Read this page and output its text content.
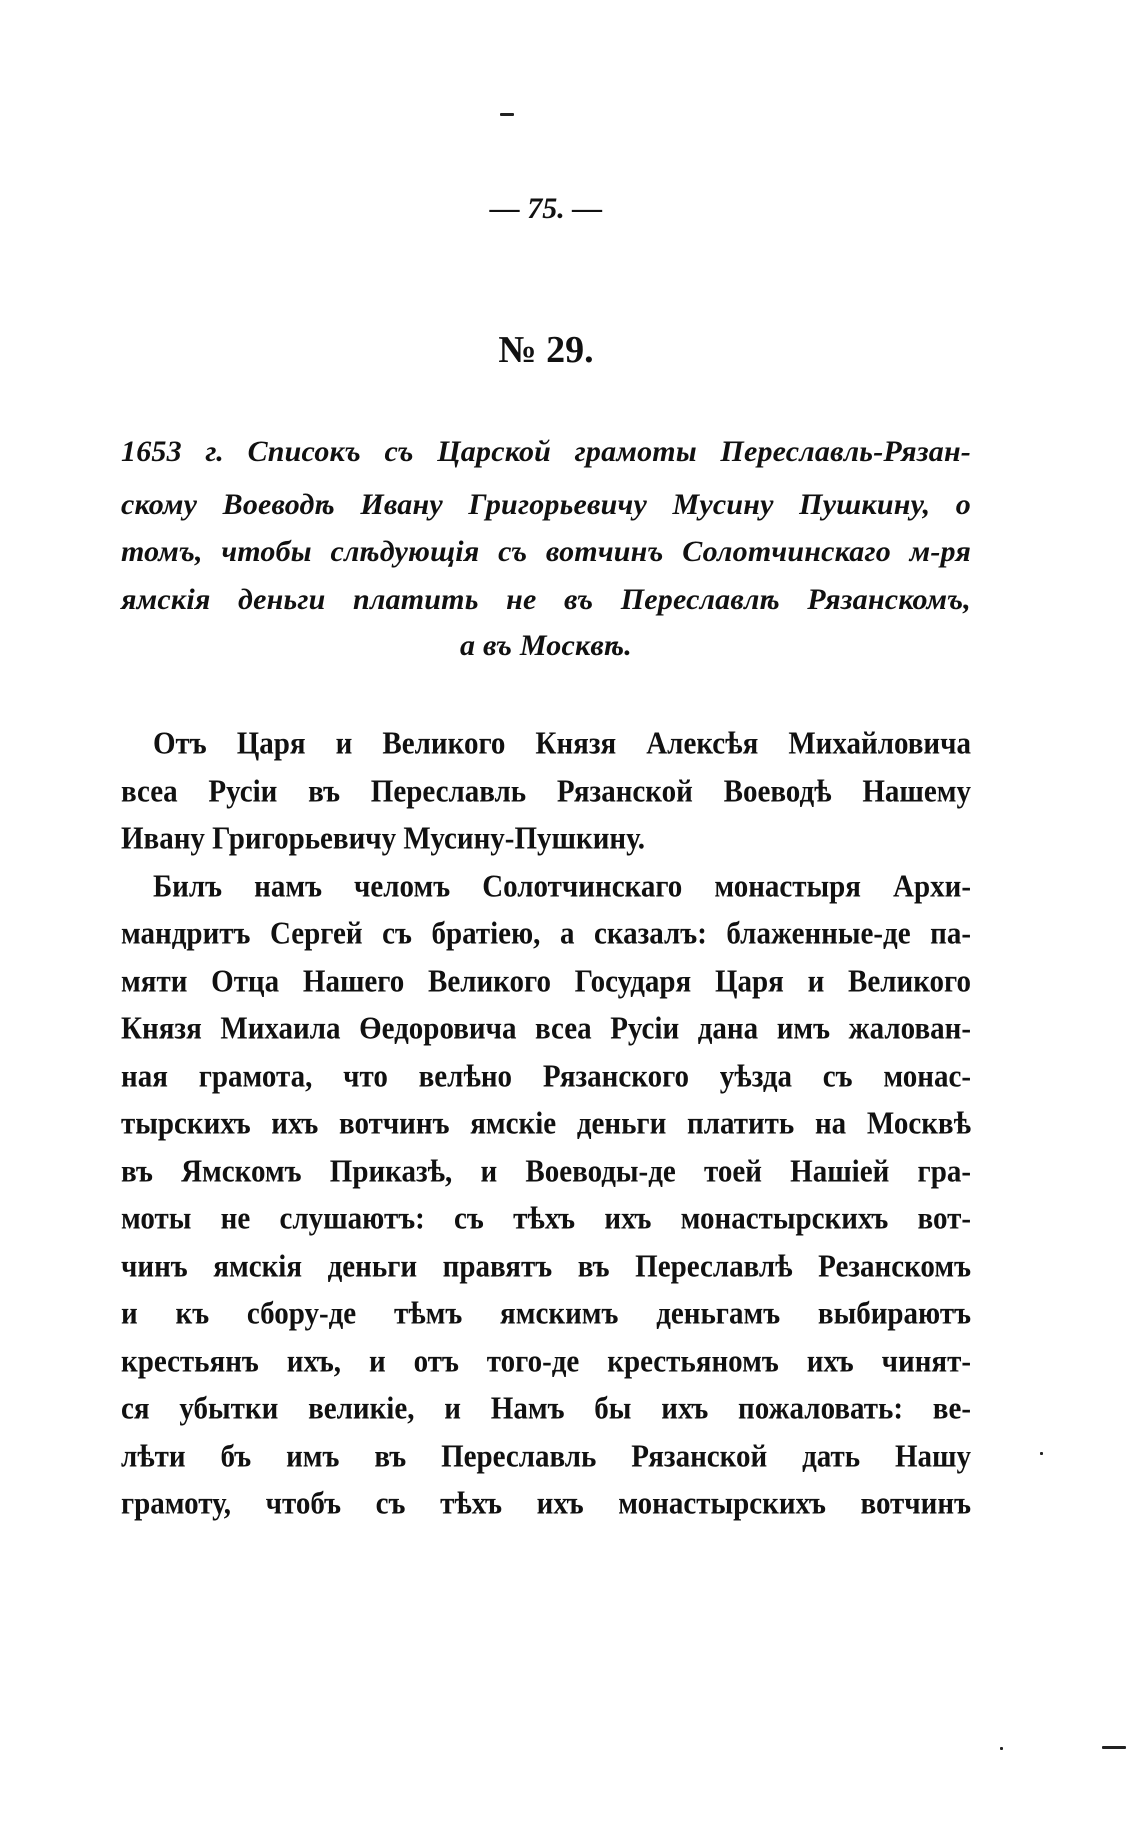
— 75. —
№ 29.
1653 г. Списокъ съ Царской грамоты Переславль-Рязан-
скому Воеводѣ Ивану Григорьевичу Мусину Пушкину, о
томъ, чтобы слѣдующія съ вотчинъ Солотчинскаго м-ря
ямскія деньги платить не въ Переславлѣ Рязанскомъ,
а въ Москвѣ.
Отъ Царя и Великого Князя Алексѣя Михайловича
всеа Русіи въ Переславль Рязанской Воеводѣ Нашему
Ивану Григорьевичу Мусину-Пушкину.
Билъ намъ челомъ Солотчинскаго монастыря Архи-
мандритъ Сергей съ братіею, а сказалъ: блаженные-де па-
мяти Отца Нашего Великого Государя Царя и Великого
Князя Михаила Өедоровича всеа Русіи дана имъ жалован-
ная грамота, что велѣно Рязанского уѣзда съ монас-
тырскихъ ихъ вотчинъ ямскіе деньги платить на Москвѣ
въ Ямскомъ Приказѣ, и Воеводы-де тоей Нашіей гра-
моты не слушаютъ: съ тѣхъ ихъ монастырскихъ вот-
чинъ ямскія деньги правятъ въ Переславлѣ Резанскомъ
и къ сбору-де тѣмъ ямскимъ деньгамъ выбираютъ
крестьянъ ихъ, и отъ того-де крестьяномъ ихъ чинят-
ся убытки великіе, и Намъ бы ихъ пожаловать: ве-
лѣти бъ имъ въ Переславль Рязанской дать Нашу
грамоту, чтобъ съ тѣхъ ихъ монастырскихъ вотчинъ
